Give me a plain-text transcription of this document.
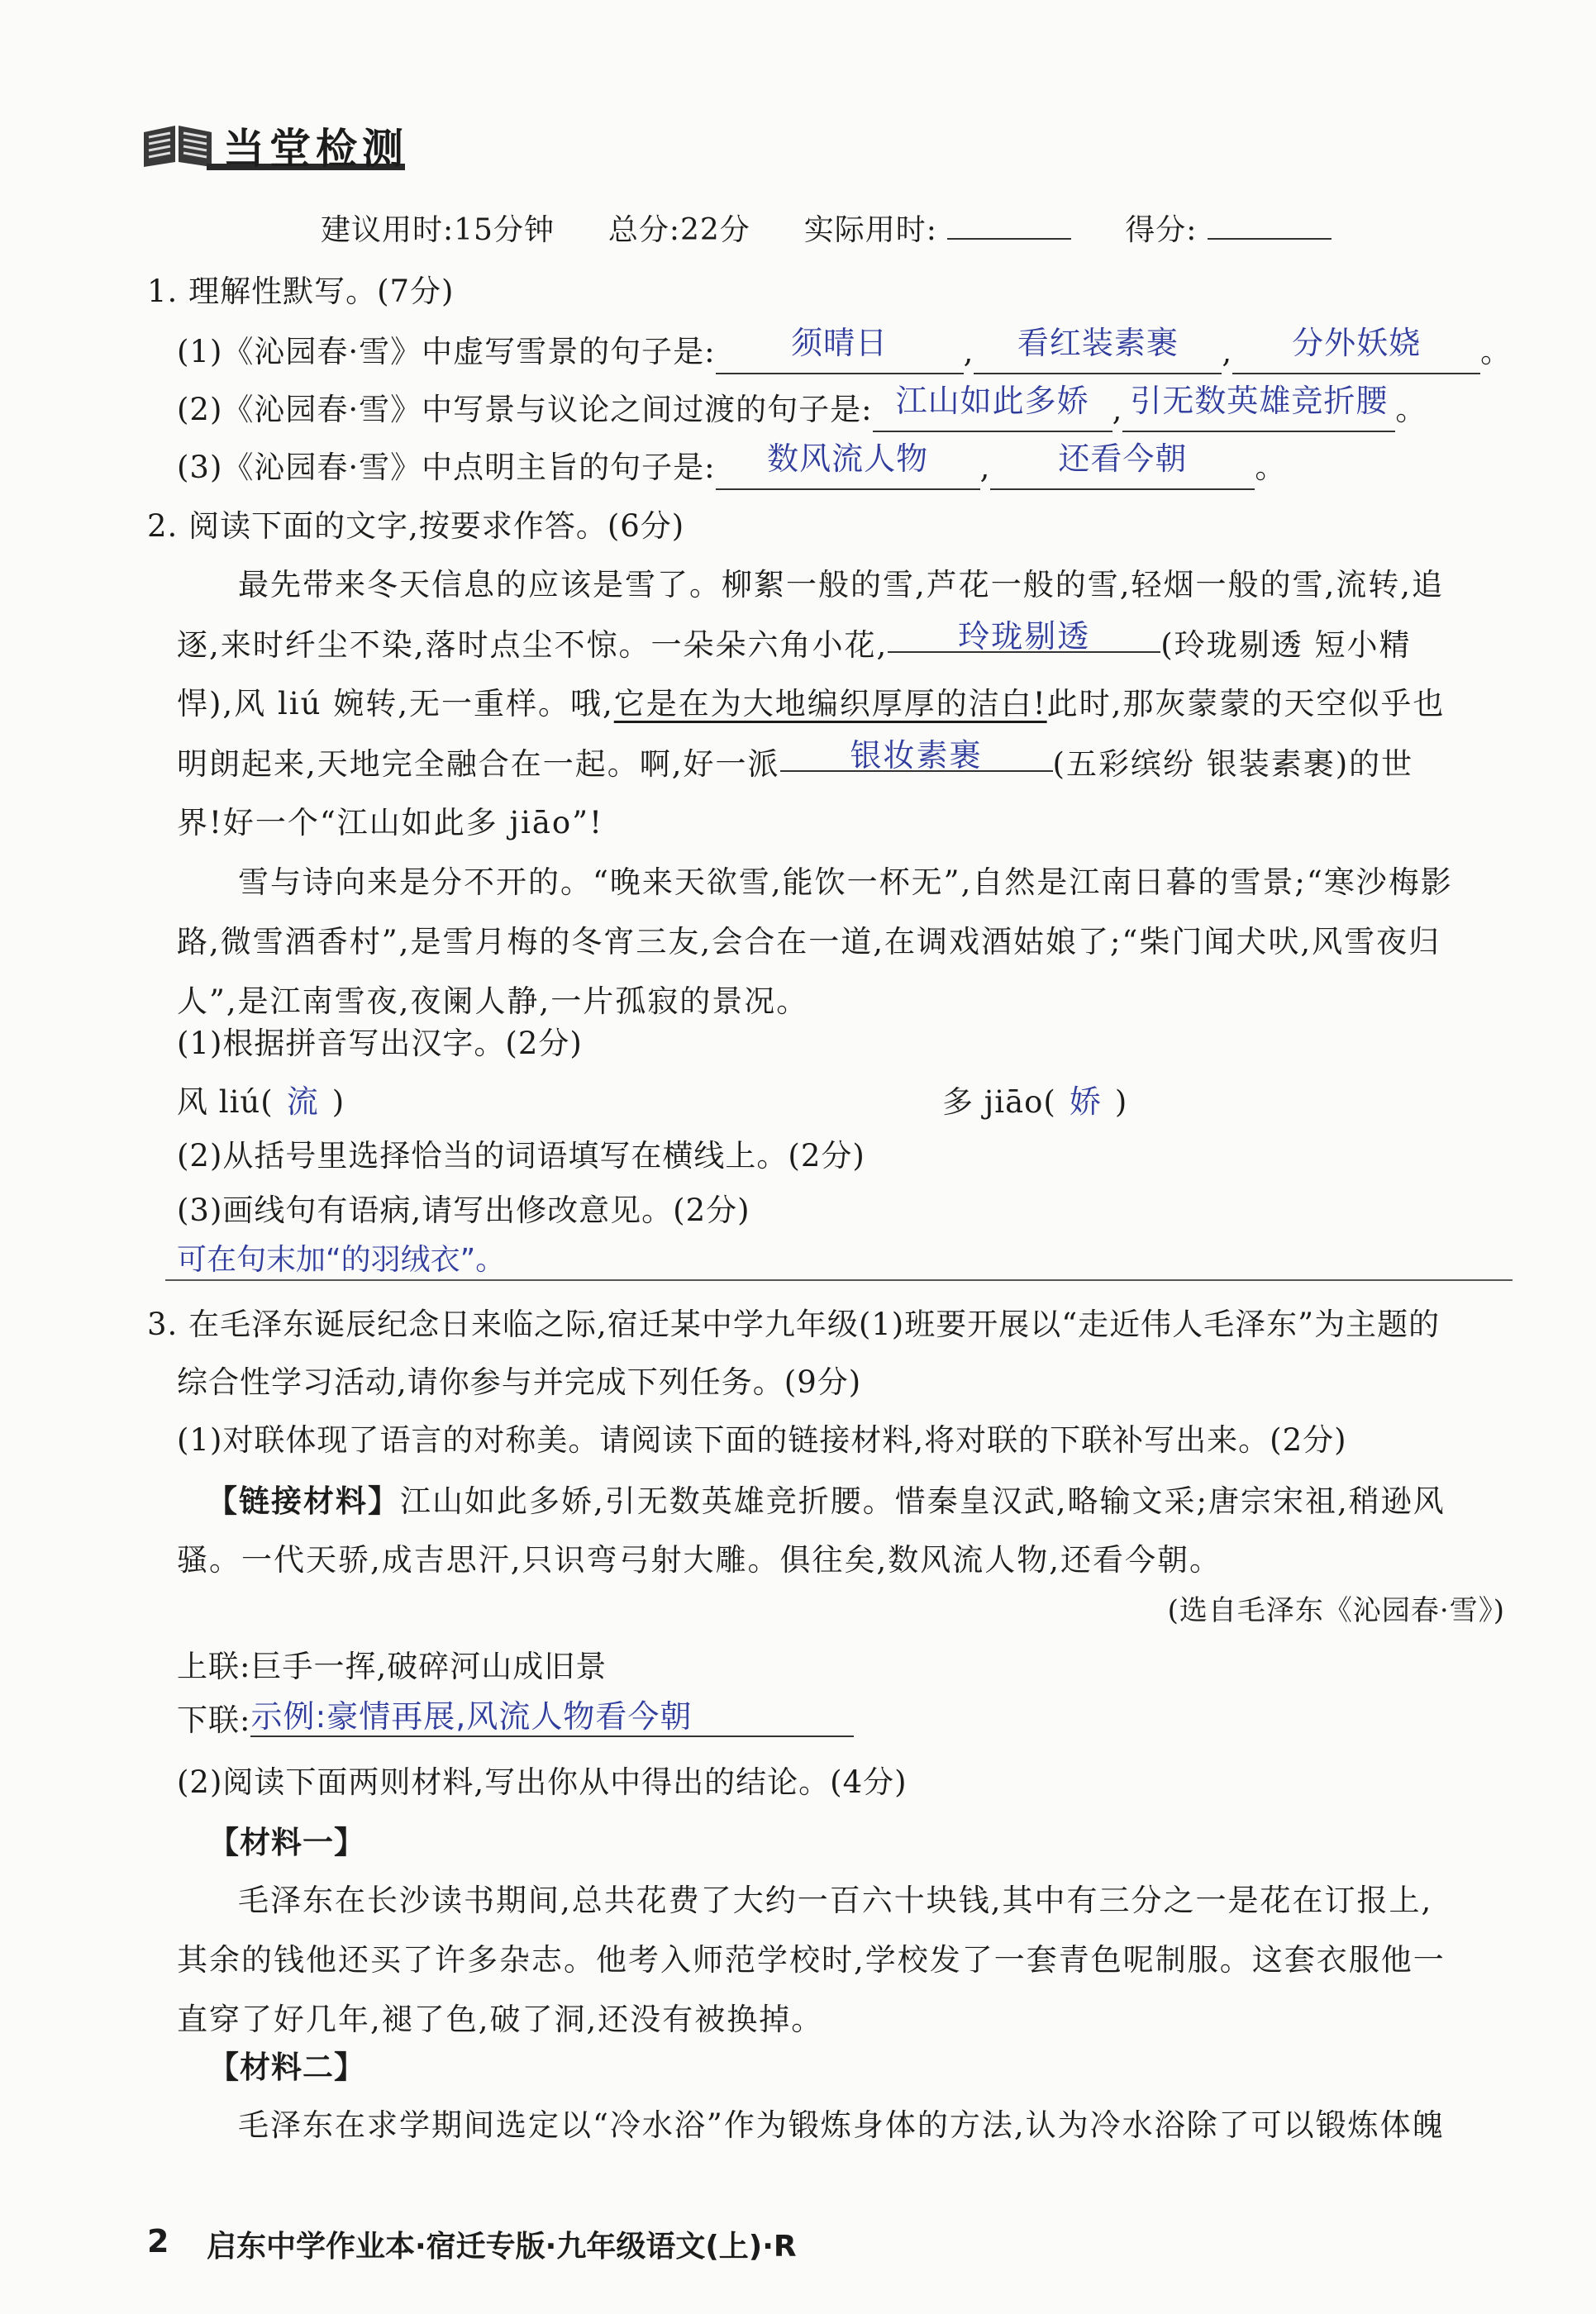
当堂检测
建议用时:15分钟 总分:22分 实际用时:	得分:
1. 理解性默写。(7分)
(1)《沁园春·雪》中虚写雪景的句子是: 须晴日 , 看红装素裹 , 分外妖娆 。
(2)《沁园春·雪》中写景与议论之间过渡的句子是: 江山如此多娇 , 引无数英雄竞折腰 。
(3)《沁园春·雪》中点明主旨的句子是: 数风流人物 , 还看今朝 。
2. 阅读下面的文字,按要求作答。(6分)
最先带来冬天信息的应该是雪了。柳絮一般的雪,芦花一般的雪,轻烟一般的雪,流转,追
逐,来时纤尘不染,落时点尘不惊。一朵朵六角小花, 玲珑剔透 (玲珑剔透 短小精
悍),风 liú 婉转,无一重样。哦,它是在为大地编织厚厚的洁白!此时,那灰蒙蒙的天空似乎也
明朗起来,天地完全融合在一起。啊,好一派 银妆素裹 (五彩缤纷 银装素裹)的世
界!好一个“江山如此多 jiāo”!
雪与诗向来是分不开的。“晚来天欲雪,能饮一杯无”,自然是江南日暮的雪景;“寒沙梅影
路,微雪酒香村”,是雪月梅的冬宵三友,会合在一道,在调戏酒姑娘了;“柴门闻犬吠,风雪夜归
人”,是江南雪夜,夜阑人静,一片孤寂的景况。
(1)根据拼音写出汉字。(2分)
风 liú( 流 )	多 jiāo( 娇 )
(2)从括号里选择恰当的词语填写在横线上。(2分)
(3)画线句有语病,请写出修改意见。(2分)
可在句末加“的羽绒衣”。
3. 在毛泽东诞辰纪念日来临之际,宿迁某中学九年级(1)班要开展以“走近伟人毛泽东”为主题的
综合性学习活动,请你参与并完成下列任务。(9分)
(1)对联体现了语言的对称美。请阅读下面的链接材料,将对联的下联补写出来。(2分)
【链接材料】江山如此多娇,引无数英雄竞折腰。惜秦皇汉武,略输文采;唐宗宋祖,稍逊风
骚。一代天骄,成吉思汗,只识弯弓射大雕。俱往矣,数风流人物,还看今朝。
(选自毛泽东《沁园春·雪》)
上联:巨手一挥,破碎河山成旧景
下联:示例:豪情再展,风流人物看今朝
(2)阅读下面两则材料,写出你从中得出的结论。(4分)
【材料一】
毛泽东在长沙读书期间,总共花费了大约一百六十块钱,其中有三分之一是花在订报上,
其余的钱他还买了许多杂志。他考入师范学校时,学校发了一套青色呢制服。这套衣服他一
直穿了好几年,褪了色,破了洞,还没有被换掉。
【材料二】
毛泽东在求学期间选定以“冷水浴”作为锻炼身体的方法,认为冷水浴除了可以锻炼体魄
2 启东中学作业本·宿迁专版·九年级语文(上)·R
